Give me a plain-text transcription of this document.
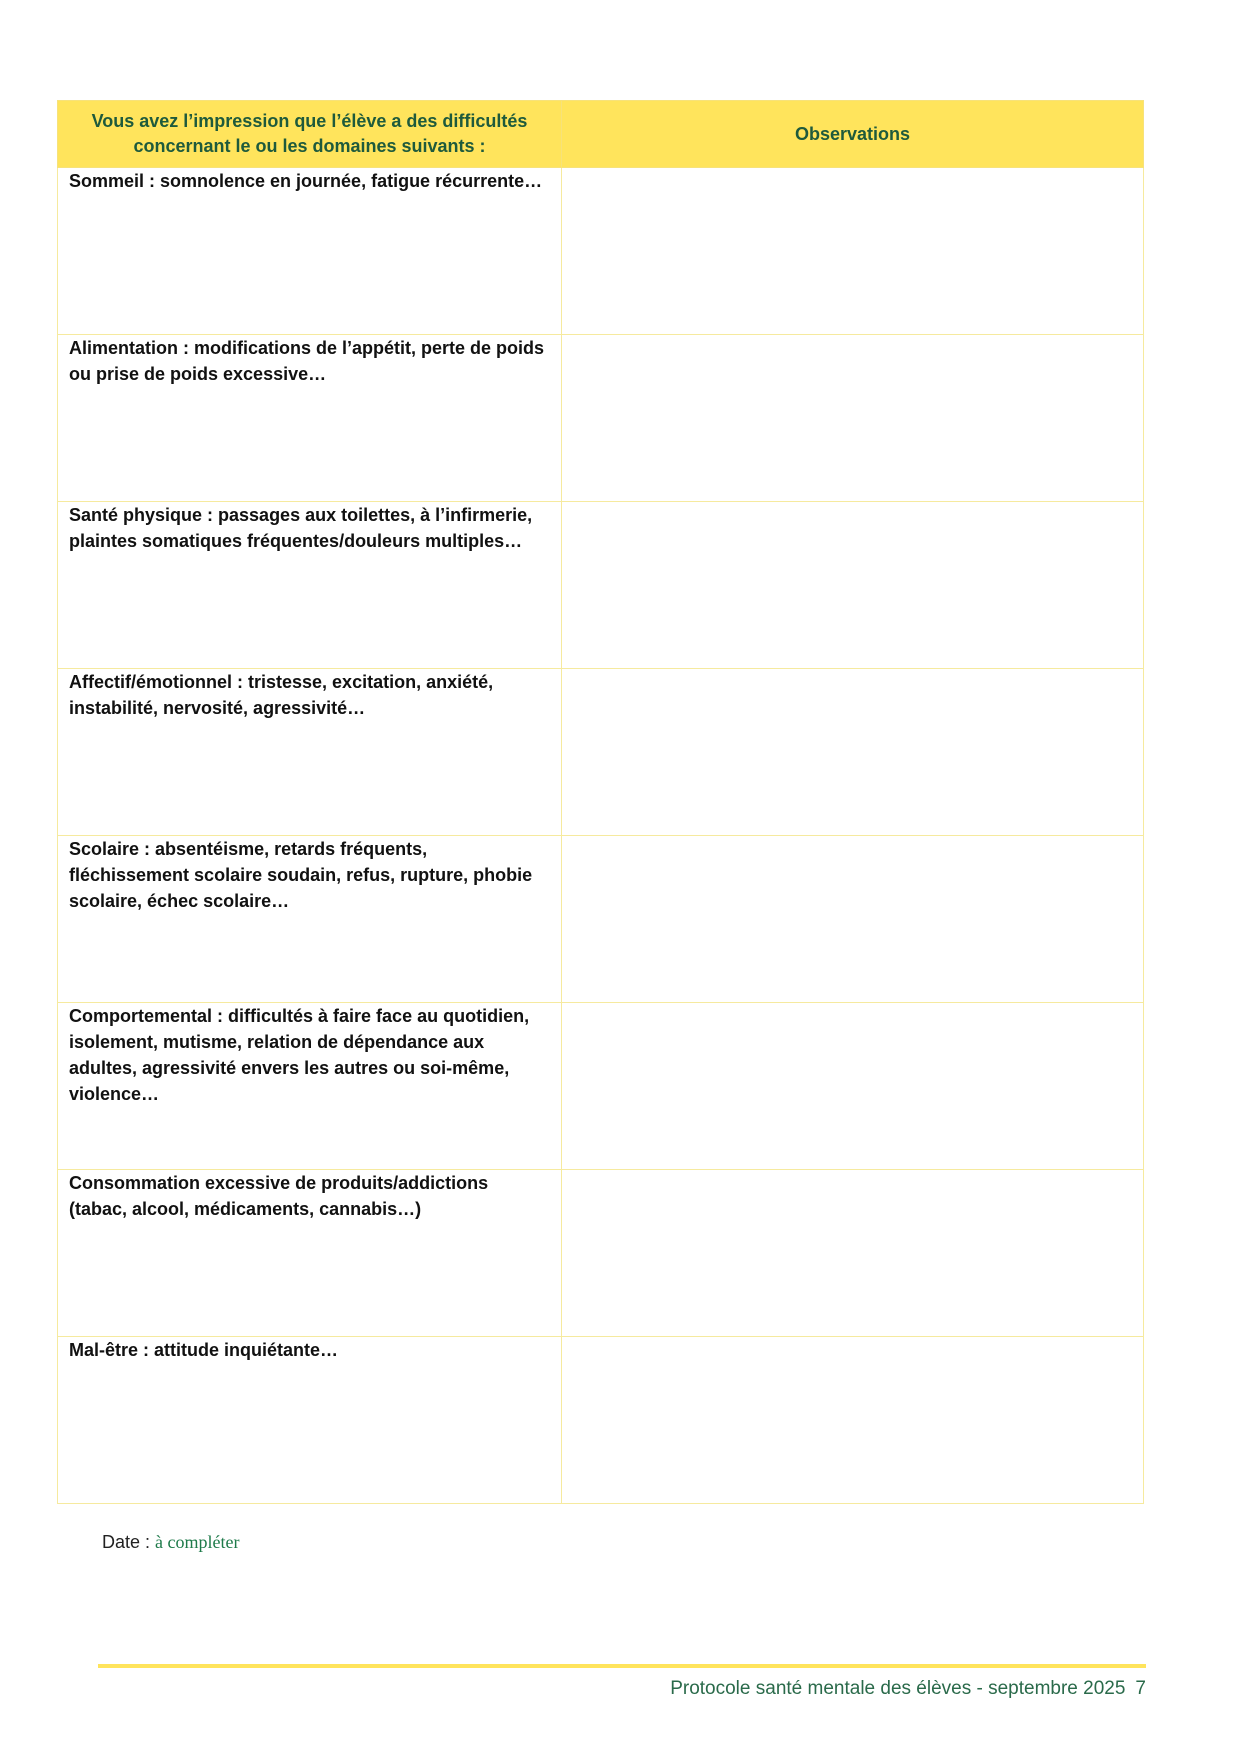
Vous avez l’impression que l’élève a des difficultés concernant le ou les domaines suivants :	Observations
Sommeil : somnolence en journée, fatigue récurrente…	
Alimentation : modifications de l’appétit, perte de poids ou prise de poids excessive…	
Santé physique : passages aux toilettes, à l’infirmerie, plaintes somatiques fréquentes/douleurs multiples…	
Affectif/émotionnel : tristesse, excitation, anxiété, instabilité, nervosité, agressivité…	
Scolaire : absentéisme, retards fréquents, fléchissement scolaire soudain, refus, rupture, phobie scolaire, échec scolaire…	
Comportemental : difficultés à faire face au quotidien, isolement, mutisme, relation de dépendance aux adultes, agressivité envers les autres ou soi-même, violence…	
Consommation excessive de produits/addictions (tabac, alcool, médicaments, cannabis…)	
Mal-être : attitude inquiétante…	
Date : à compléter
Protocole santé mentale des élèves - septembre 2025 7
